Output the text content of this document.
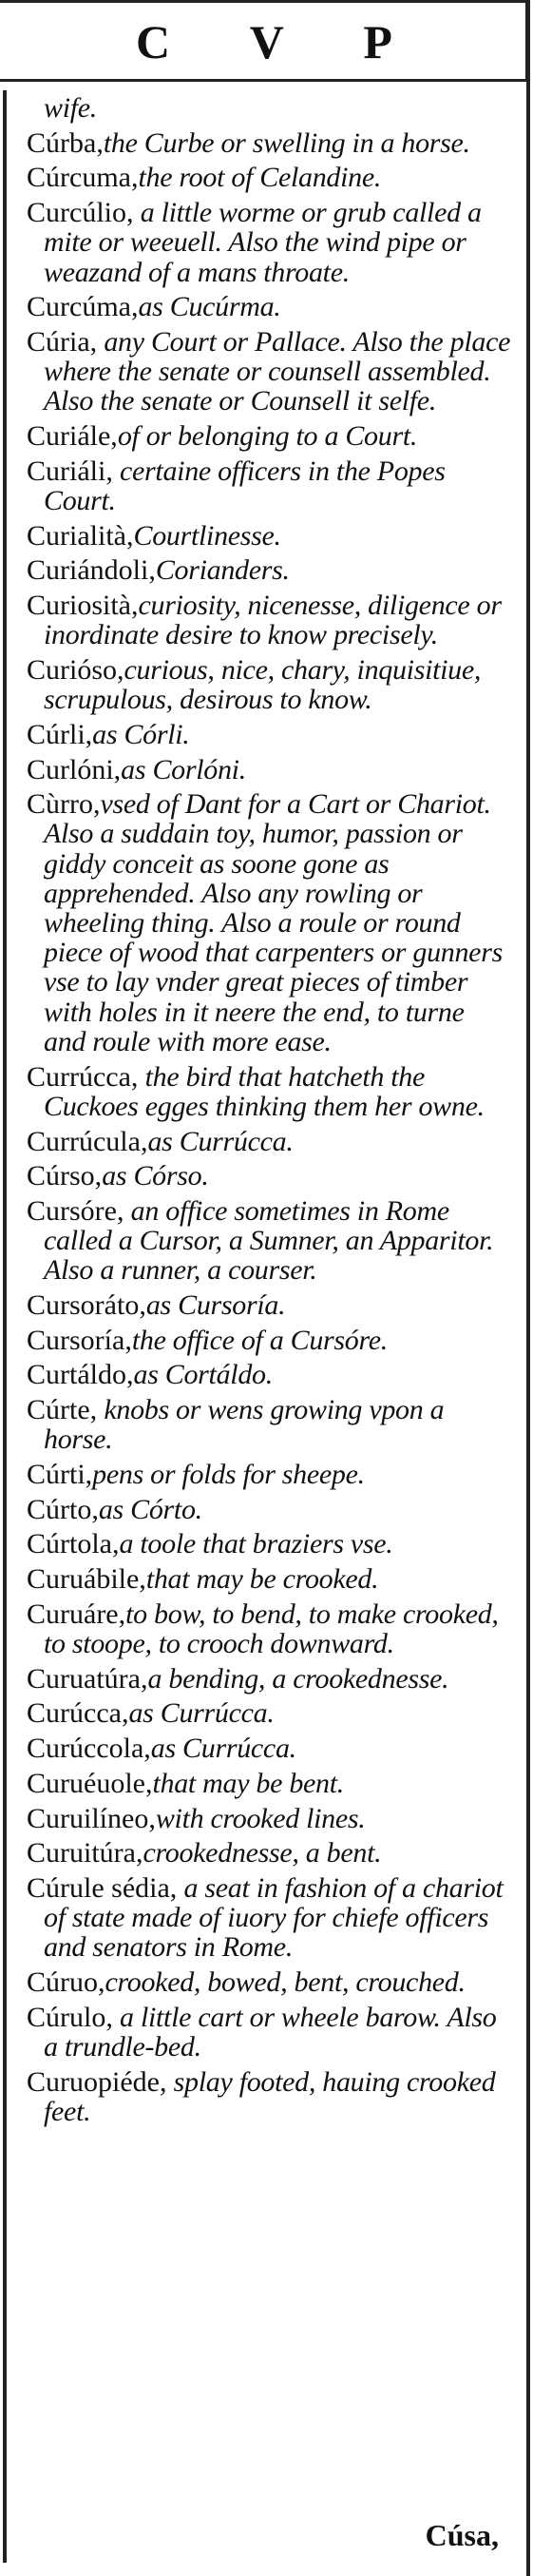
C V P
wife.
Cúrba,the Curbe or swelling in a horse.
Cúrcuma,the root of Celandine.
Curcúlio, a little worme or grub called a mite or weeuell. Also the wind pipe or weazand of a mans throate.
Curcúma,as Cucúrma.
Cúria, any Court or Pallace. Also the place where the senate or counsell assembled. Also the senate or Counsell it selfe.
Curiále,of or belonging to a Court.
Curiáli, certaine officers in the Popes Court.
Curialità,Courtlinesse.
Curiándoli,Corianders.
Curiosità,curiosity, nicenesse, diligence or inordinate desire to know precisely.
Curióso,curious, nice, chary, inquisitiue, scrupulous, desirous to know.
Cúrli,as Córli.
Curlóni,as Corlóni.
Cùrro,vsed of Dant for a Cart or Chariot. Also a suddain toy, humor, passion or giddy conceit as soone gone as apprehended. Also any rowling or wheeling thing. Also a roule or round piece of wood that carpenters or gunners vse to lay vnder great pieces of timber with holes in it neere the end, to turne and roule with more ease.
Currúcca, the bird that hatcheth the Cuckoes egges thinking them her owne.
Currúcula,as Currúcca.
Cúrso,as Córso.
Cursóre, an office sometimes in Rome called a Cursor, a Sumner, an Apparitor. Also a runner, a courser.
Cursoráto,as Cursoría.
Cursoría,the office of a Cursóre.
Curtáldo,as Cortáldo.
Cúrte, knobs or wens growing vpon a horse.
Cúrti,pens or folds for sheepe.
Cúrto,as Córto.
Cúrtola,a toole that braziers vse.
Curuábile,that may be crooked.
Curuáre,to bow, to bend, to make crooked, to stoope, to crooch downward.
Curuatúra,a bending, a crookednesse.
Curúcca,as Currúcca.
Curúccola,as Currúcca.
Curuéuole,that may be bent.
Curuilíneo,with crooked lines.
Curuitúra,crookednesse, a bent.
Cúrule sédia, a seat in fashion of a chariot of state made of iuory for chiefe officers and senators in Rome.
Cúruo,crooked, bowed, bent, crouched.
Cúrulo, a little cart or wheele barow. Also a trundle-bed.
Curuopiéde, splay footed, hauing crooked feet.
Cúsa,
